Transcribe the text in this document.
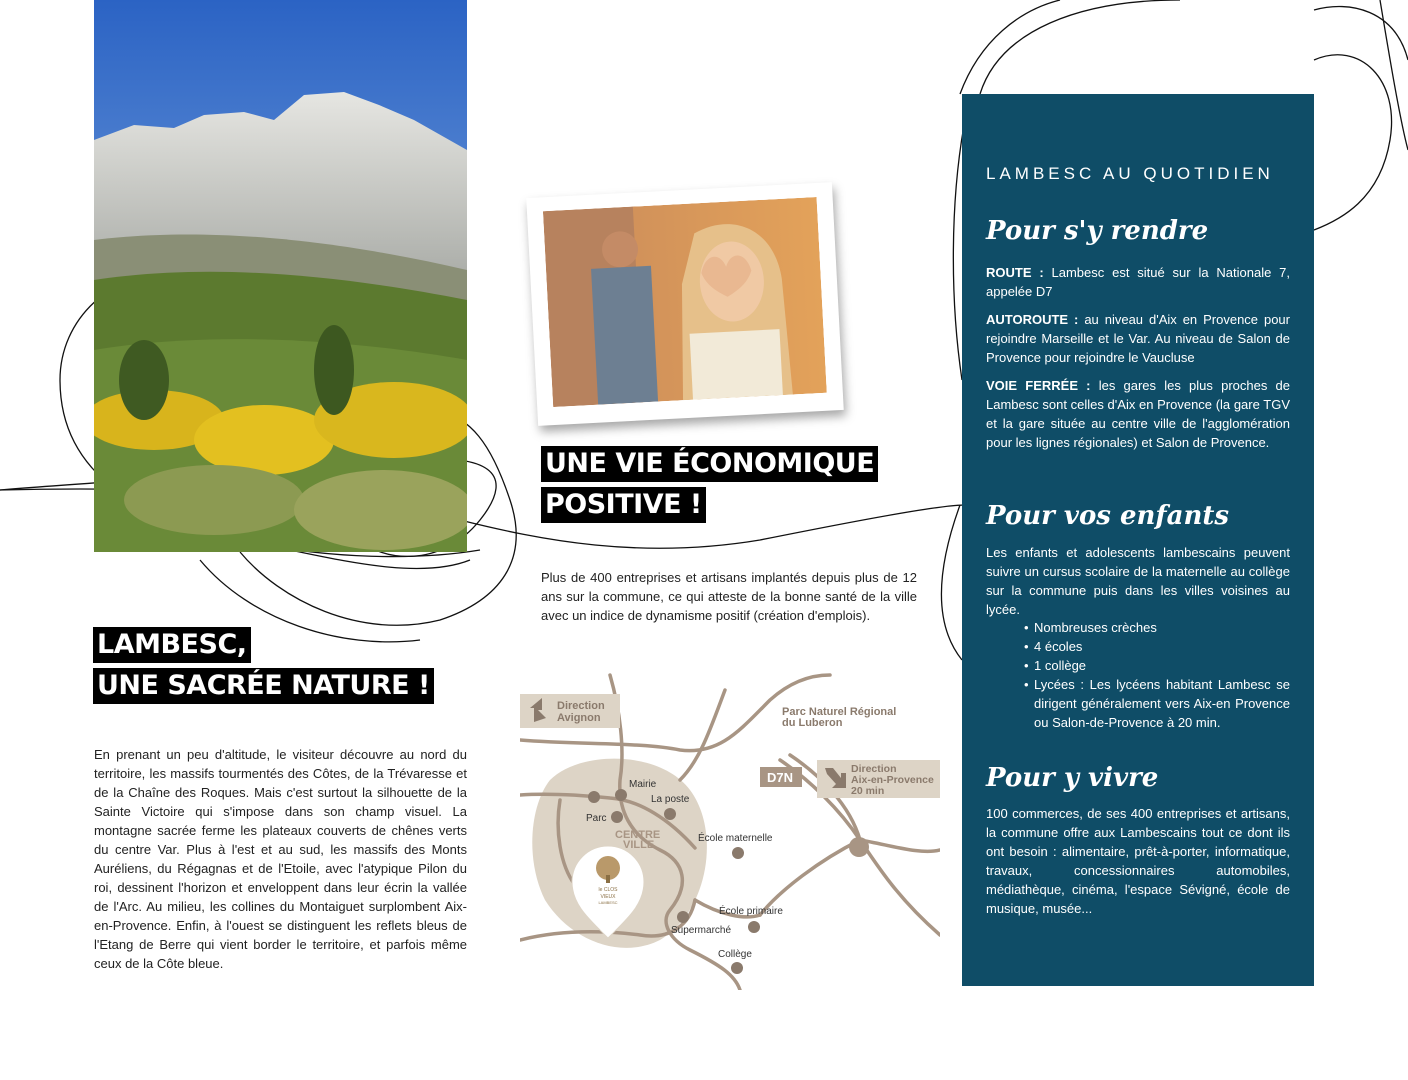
UNE VIE ÉCONOMIQUE
POSITIVE !

Plus de 400 entreprises et artisans implantés depuis plus de 12 ans sur la commune, ce qui atteste de la bonne santé de la ville avec un indice de dynamisme positif (création d'emplois).

LAMBESC,
UNE SACRÉE NATURE !

En prenant un peu d'altitude, le visiteur découvre au nord du territoire, les massifs tourmentés des Côtes, de la Trévaresse et de la Chaîne des Roques. Mais c'est surtout la silhouette de la Sainte Victoire qui s'impose dans son champ visuel. La montagne sacrée ferme les plateaux couverts de chênes verts du centre Var. Plus à l'est et au sud, les massifs des Monts Auréliens, du Régagnas et de l'Etoile, avec l'atypique Pilon du roi, dessinent l'horizon et enveloppent dans leur écrin la vallée de l'Arc. Au milieu, les collines du Montaiguet surplombent Aix-en-Provence. Enfin, à l'ouest se distinguent les reflets bleus de l'Etang de Berre qui vient border le territoire, et parfois même ceux de la Côte bleue.

Direction
Avignon	Parc Naturel Régional
du Luberon
D7N
Direction
Aix-en-Provence
20 min
Mairie
La poste
Parc
CENTRE
VILLE
École maternelle
École primaire
Supermarché
Collège
le CLOS
VIEUX
LAMBESC
LAMBESC AU QUOTIDIEN
Pour s'y rendre

ROUTE : Lambesc est situé sur la Nationale 7, appelée D7

AUTOROUTE : au niveau d'Aix en Provence pour rejoindre Marseille et le Var. Au niveau de Salon de Provence pour rejoindre le Vaucluse

VOIE FERRÉE : les gares les plus proches de Lambesc sont celles d'Aix en Provence (la gare TGV et la gare située au centre ville de l'agglomération pour les lignes régionales) et Salon de Provence.

Pour vos enfants

Les enfants et adolescents lambescains peuvent suivre un cursus scolaire de la maternelle au collège sur la commune puis dans les villes voisines au lycée.

• Nombreuses crèches
• 4 écoles
• 1 collège
• Lycées : Les lycéens habitant Lambesc se dirigent généralement vers Aix-en Provence ou Salon-de-Provence à 20 min.
Pour y vivre

100 commerces, de ses 400 entreprises et artisans, la commune offre aux Lambescains tout ce dont ils ont besoin : alimentaire, prêt-à-porter, informatique, travaux, concessionnaires automobiles, médiathèque, cinéma, l'espace Sévigné, école de musique, musée...
